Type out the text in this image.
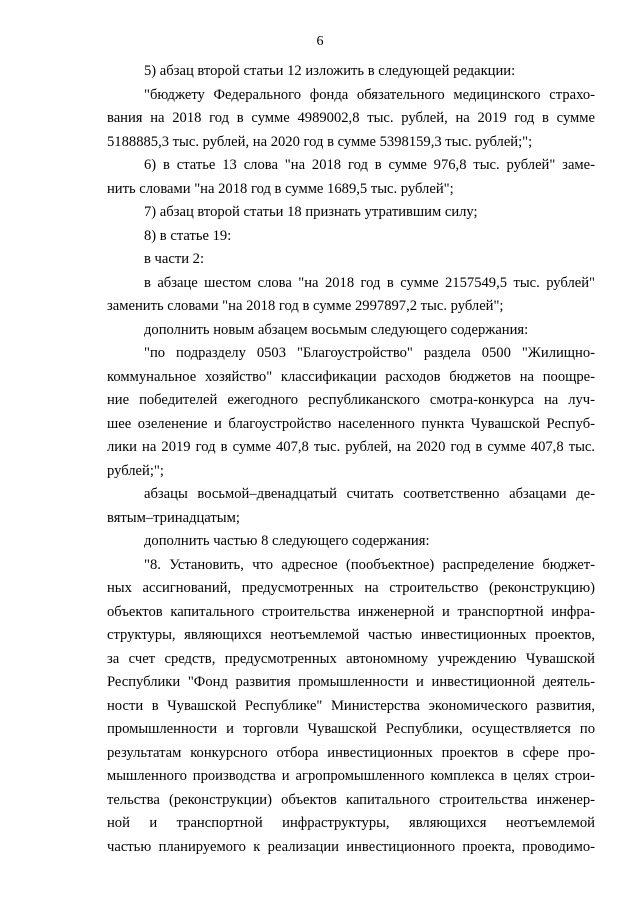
6
5) абзац второй статьи 12 изложить в следующей редакции:
"бюджету Федерального фонда обязательного медицинского страхо-
вания на 2018 год в сумме 4989002,8 тыс. рублей, на 2019 год в сумме
5188885,3 тыс. рублей, на 2020 год в сумме 5398159,3 тыс. рублей;";
6) в статье 13 слова "на 2018 год в сумме 976,8 тыс. рублей" заме-
нить словами "на 2018 год в сумме 1689,5 тыс. рублей";
7) абзац второй статьи 18 признать утратившим силу;
8) в статье 19:
в части 2:
в абзаце шестом слова "на 2018 год в сумме 2157549,5 тыс. рублей"
заменить словами "на 2018 год в сумме 2997897,2 тыс. рублей";
дополнить новым абзацем восьмым следующего содержания:
"по подразделу 0503 "Благоустройство" раздела 0500 "Жилищно-
коммунальное хозяйство" классификации расходов бюджетов на поощре-
ние победителей ежегодного республиканского смотра-конкурса на луч-
шее озеленение и благоустройство населенного пункта Чувашской Респуб-
лики на 2019 год в сумме 407,8 тыс. рублей, на 2020 год в сумме 407,8 тыс.
рублей;";
абзацы восьмой–двенадцатый считать соответственно абзацами де-
вятым–тринадцатым;
дополнить частью 8 следующего содержания:
"8. Установить, что адресное (пообъектное) распределение бюджет-
ных ассигнований, предусмотренных на строительство (реконструкцию)
объектов капитального строительства инженерной и транспортной инфра-
структуры, являющихся неотъемлемой частью инвестиционных проектов,
за счет средств, предусмотренных автономному учреждению Чувашской
Республики "Фонд развития промышленности и инвестиционной деятель-
ности в Чувашской Республике" Министерства экономического развития,
промышленности и торговли Чувашской Республики, осуществляется по
результатам конкурсного отбора инвестиционных проектов в сфере про-
мышленного производства и агропромышленного комплекса в целях строи-
тельства (реконструкции) объектов капитального строительства инженер-
ной и транспортной инфраструктуры, являющихся неотъемлемой
частью планируемого к реализации инвестиционного проекта, проводимо-
